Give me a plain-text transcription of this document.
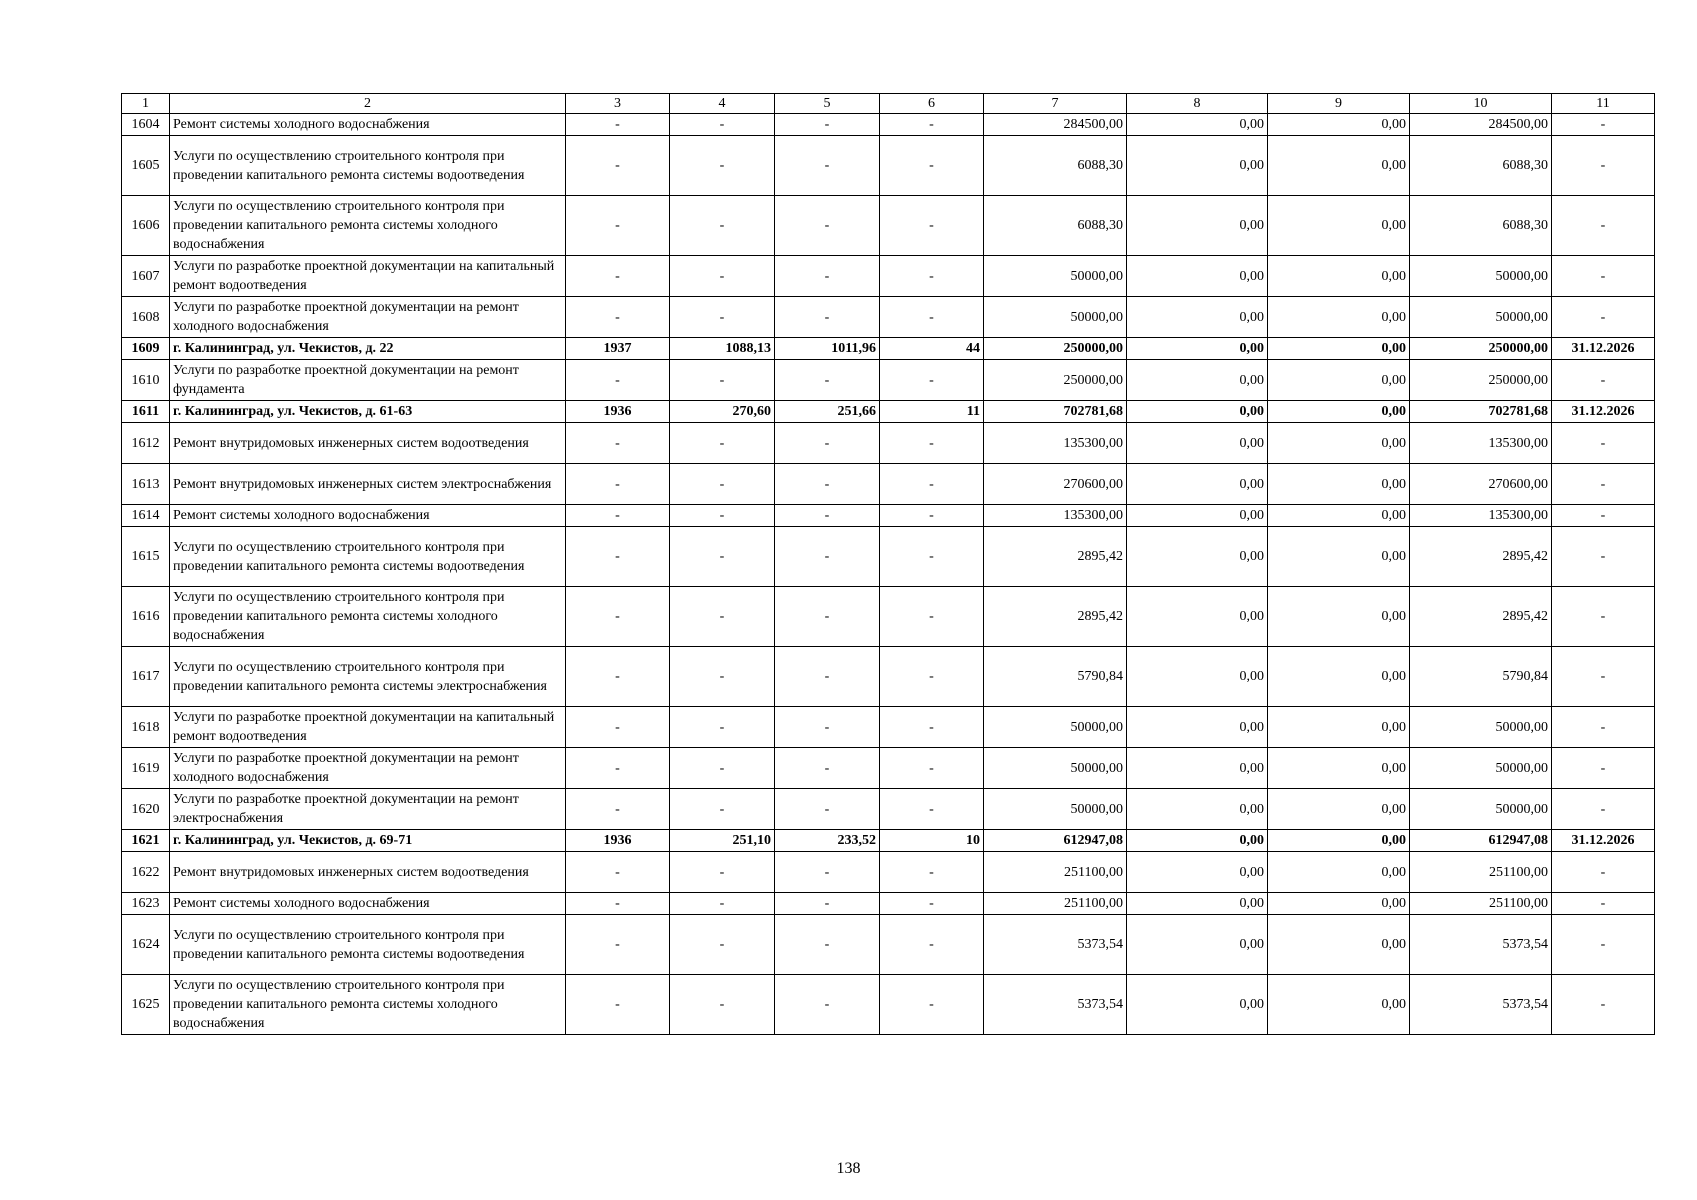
1	2	3	4	5	6	7	8	9	10	11
1604	Ремонт системы холодного водоснабжения	-	-	-	-	284500,00	0,00	0,00	284500,00	-
1605	Услуги по осуществлению строительного контроля при проведении капитального ремонта системы водоотведения	-	-	-	-	6088,30	0,00	0,00	6088,30	-
1606	Услуги по осуществлению строительного контроля при проведении капитального ремонта системы холодного водоснабжения	-	-	-	-	6088,30	0,00	0,00	6088,30	-
1607	Услуги по разработке проектной документации на капитальный ремонт водоотведения	-	-	-	-	50000,00	0,00	0,00	50000,00	-
1608	Услуги по разработке проектной документации на ремонт холодного водоснабжения	-	-	-	-	50000,00	0,00	0,00	50000,00	-
1609	г. Калининград, ул. Чекистов, д. 22	1937	1088,13	1011,96	44	250000,00	0,00	0,00	250000,00	31.12.2026
1610	Услуги по разработке проектной документации на ремонт фундамента	-	-	-	-	250000,00	0,00	0,00	250000,00	-
1611	г. Калининград, ул. Чекистов, д. 61-63	1936	270,60	251,66	11	702781,68	0,00	0,00	702781,68	31.12.2026
1612	Ремонт внутридомовых инженерных систем водоотведения	-	-	-	-	135300,00	0,00	0,00	135300,00	-
1613	Ремонт внутридомовых инженерных систем электроснабжения	-	-	-	-	270600,00	0,00	0,00	270600,00	-
1614	Ремонт системы холодного водоснабжения	-	-	-	-	135300,00	0,00	0,00	135300,00	-
1615	Услуги по осуществлению строительного контроля при проведении капитального ремонта системы водоотведения	-	-	-	-	2895,42	0,00	0,00	2895,42	-
1616	Услуги по осуществлению строительного контроля при проведении капитального ремонта системы холодного водоснабжения	-	-	-	-	2895,42	0,00	0,00	2895,42	-
1617	Услуги по осуществлению строительного контроля при проведении капитального ремонта системы электроснабжения	-	-	-	-	5790,84	0,00	0,00	5790,84	-
1618	Услуги по разработке проектной документации на капитальный ремонт водоотведения	-	-	-	-	50000,00	0,00	0,00	50000,00	-
1619	Услуги по разработке проектной документации на ремонт холодного водоснабжения	-	-	-	-	50000,00	0,00	0,00	50000,00	-
1620	Услуги по разработке проектной документации на ремонт электроснабжения	-	-	-	-	50000,00	0,00	0,00	50000,00	-
1621	г. Калининград, ул. Чекистов, д. 69-71	1936	251,10	233,52	10	612947,08	0,00	0,00	612947,08	31.12.2026
1622	Ремонт внутридомовых инженерных систем водоотведения	-	-	-	-	251100,00	0,00	0,00	251100,00	-
1623	Ремонт системы холодного водоснабжения	-	-	-	-	251100,00	0,00	0,00	251100,00	-
1624	Услуги по осуществлению строительного контроля при проведении капитального ремонта системы водоотведения	-	-	-	-	5373,54	0,00	0,00	5373,54	-
1625	Услуги по осуществлению строительного контроля при проведении капитального ремонта системы холодного водоснабжения	-	-	-	-	5373,54	0,00	0,00	5373,54	-
138
